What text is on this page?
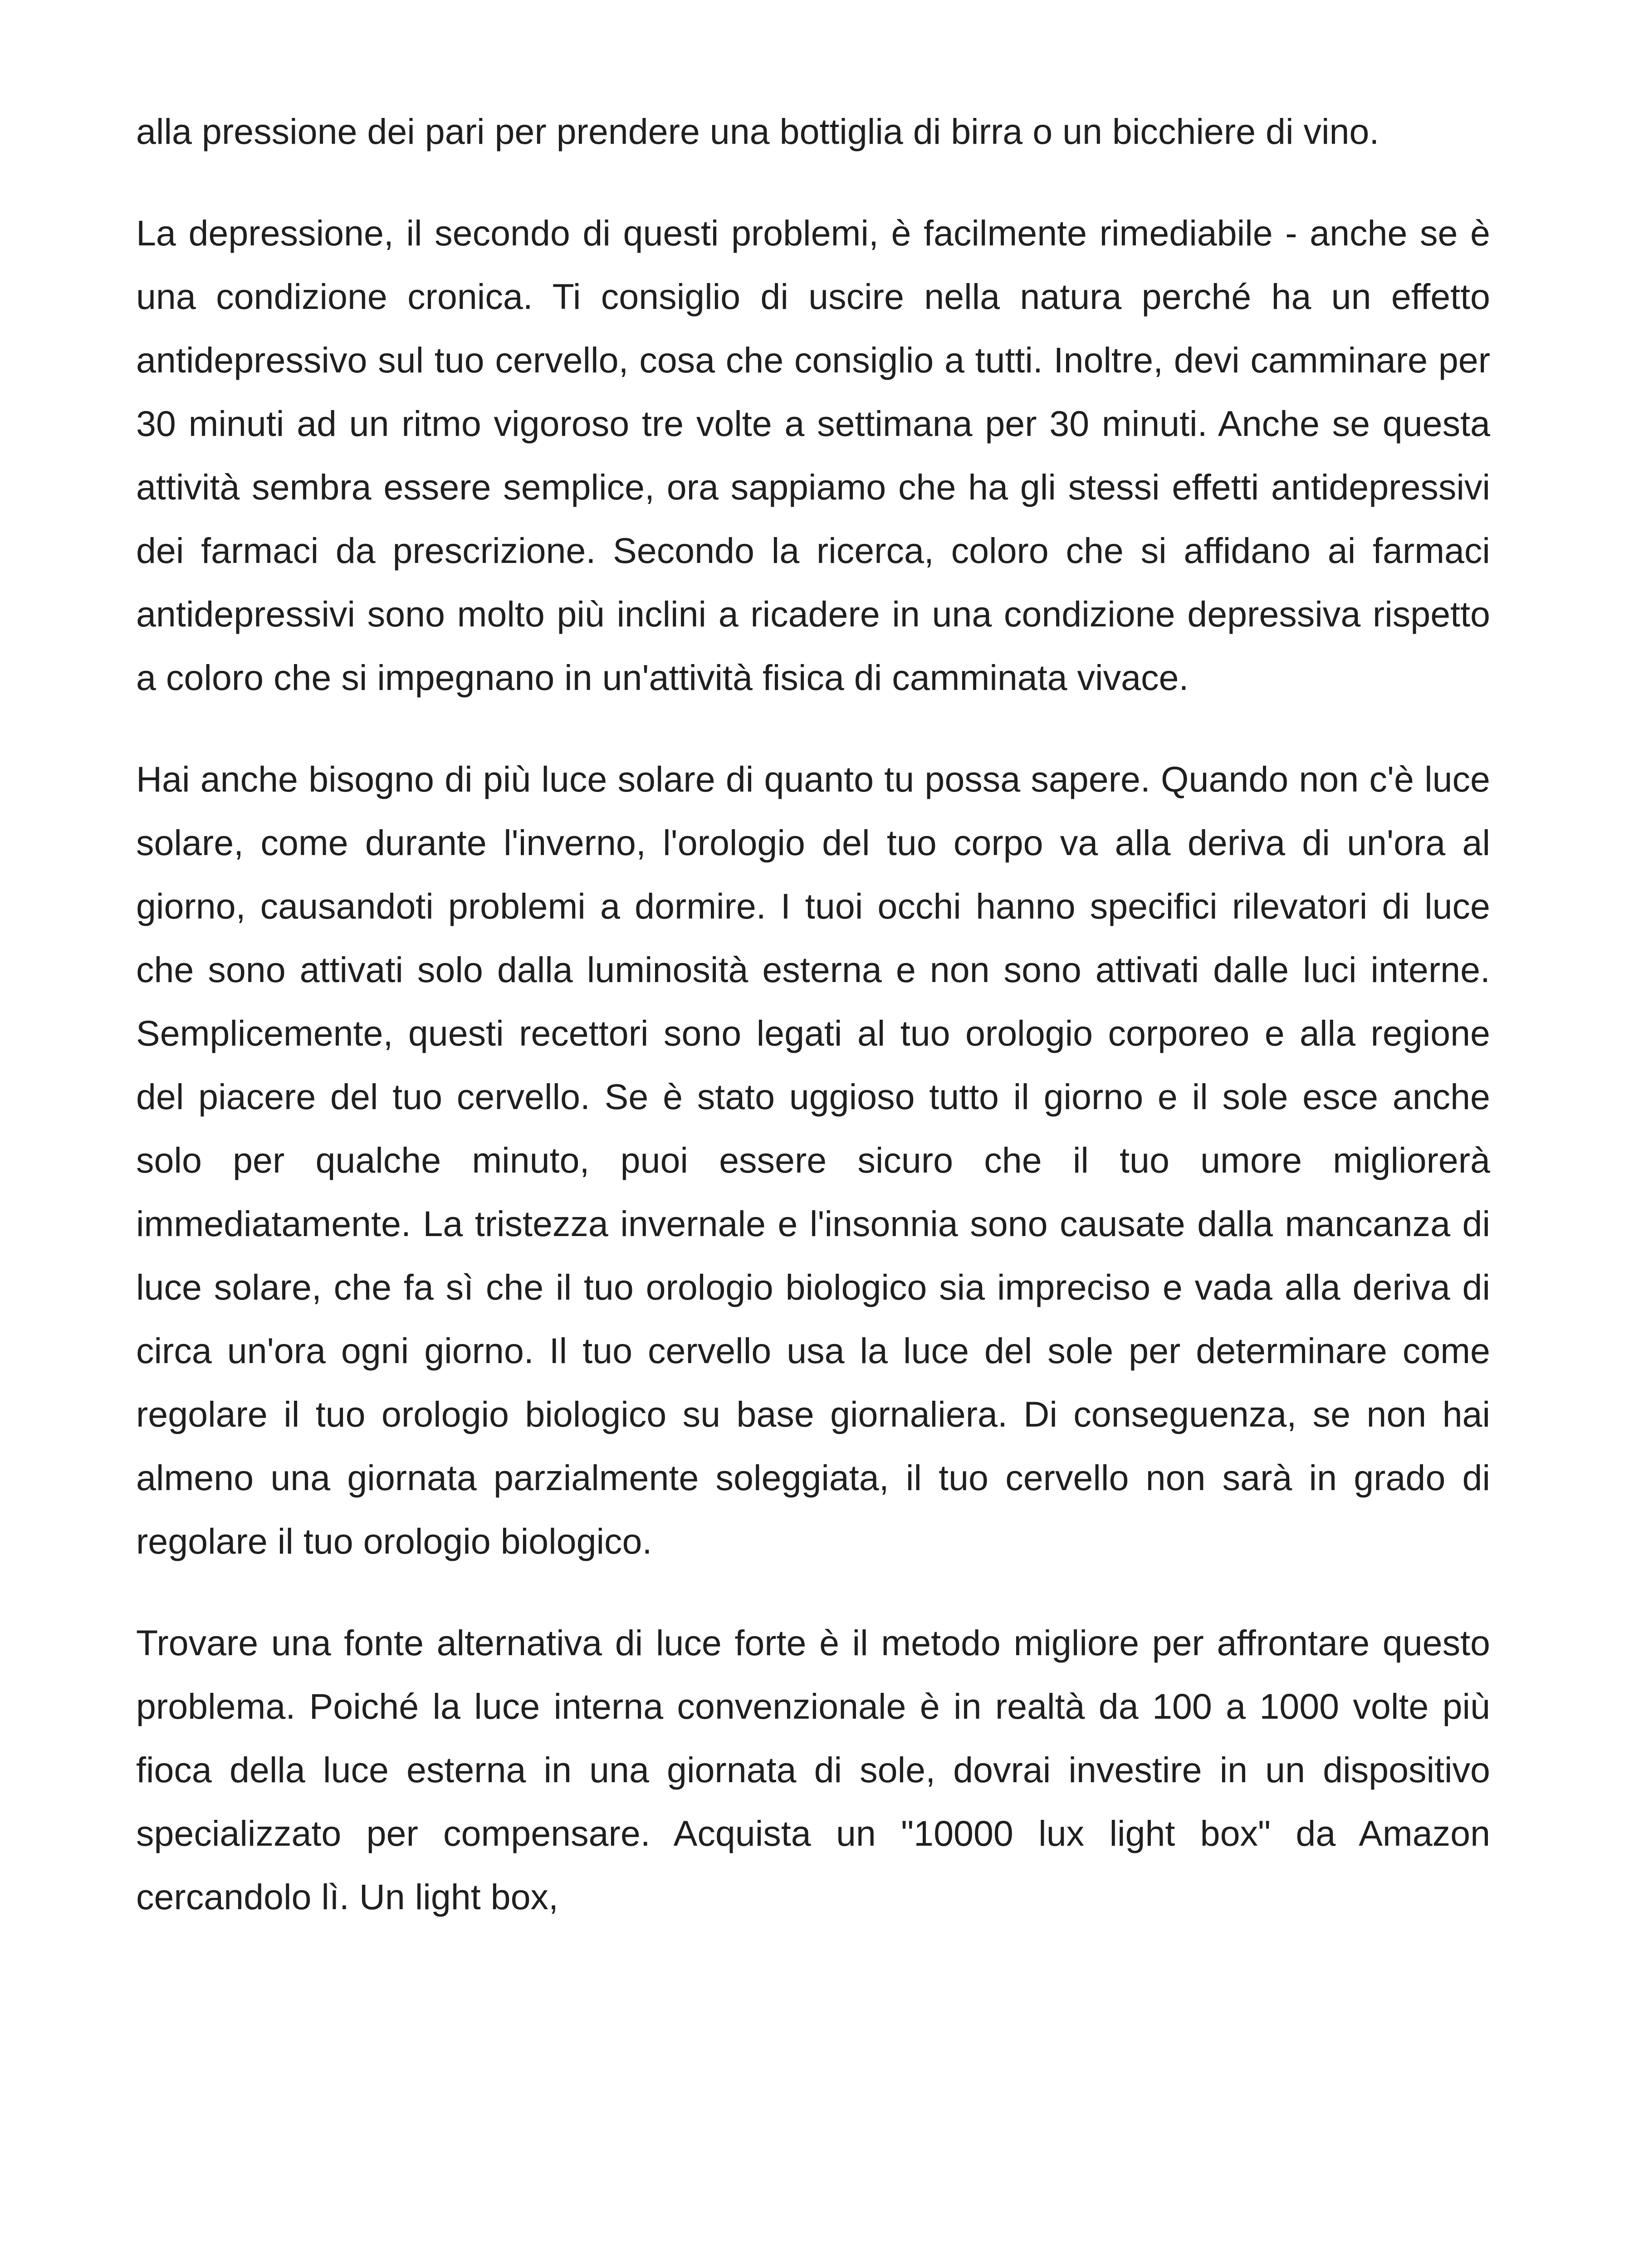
alla pressione dei pari per prendere una bottiglia di birra o un bicchiere di vino.

La depressione, il secondo di questi problemi, è facilmente rimediabile - anche se è una condizione cronica. Ti consiglio di uscire nella natura perché ha un effetto antidepressivo sul tuo cervello, cosa che consiglio a tutti. Inoltre, devi camminare per 30 minuti ad un ritmo vigoroso tre volte a settimana per 30 minuti. Anche se questa attività sembra essere semplice, ora sappiamo che ha gli stessi effetti antidepressivi dei farmaci da prescrizione. Secondo la ricerca, coloro che si affidano ai farmaci antidepressivi sono molto più inclini a ricadere in una condizione depressiva rispetto a coloro che si impegnano in un'attività fisica di camminata vivace.

Hai anche bisogno di più luce solare di quanto tu possa sapere. Quando non c'è luce solare, come durante l'inverno, l'orologio del tuo corpo va alla deriva di un'ora al giorno, causandoti problemi a dormire. I tuoi occhi hanno specifici rilevatori di luce che sono attivati solo dalla luminosità esterna e non sono attivati dalle luci interne. Semplicemente, questi recettori sono legati al tuo orologio corporeo e alla regione del piacere del tuo cervello. Se è stato uggioso tutto il giorno e il sole esce anche solo per qualche minuto, puoi essere sicuro che il tuo umore migliorerà immediatamente. La tristezza invernale e l'insonnia sono causate dalla mancanza di luce solare, che fa sì che il tuo orologio biologico sia impreciso e vada alla deriva di circa un'ora ogni giorno. Il tuo cervello usa la luce del sole per determinare come regolare il tuo orologio biologico su base giornaliera. Di conseguenza, se non hai almeno una giornata parzialmente soleggiata, il tuo cervello non sarà in grado di regolare il tuo orologio biologico.

Trovare una fonte alternativa di luce forte è il metodo migliore per affrontare questo problema. Poiché la luce interna convenzionale è in realtà da 100 a 1000 volte più fioca della luce esterna in una giornata di sole, dovrai investire in un dispositivo specializzato per compensare. Acquista un "10000 lux light box" da Amazon cercandolo lì. Un light box,
